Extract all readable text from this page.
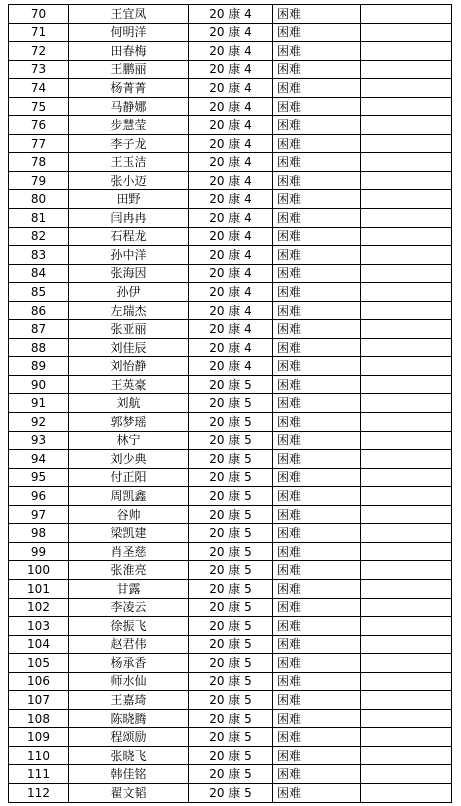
70	王宜凤	20 康 4	困难	
71	何明洋	20 康 4	困难	
72	田春梅	20 康 4	困难	
73	王鹏丽	20 康 4	困难	
74	杨菁菁	20 康 4	困难	
75	马静娜	20 康 4	困难	
76	步慧莹	20 康 4	困难	
77	李子龙	20 康 4	困难	
78	王玉洁	20 康 4	困难	
79	张小迈	20 康 4	困难	
80	田野	20 康 4	困难	
81	闫冉冉	20 康 4	困难	
82	石程龙	20 康 4	困难	
83	孙中洋	20 康 4	困难	
84	张海因	20 康 4	困难	
85	孙伊	20 康 4	困难	
86	左瑞杰	20 康 4	困难	
87	张亚丽	20 康 4	困难	
88	刘佳辰	20 康 4	困难	
89	刘怡静	20 康 4	困难	
90	王英豪	20 康 5	困难	
91	刘航	20 康 5	困难	
92	郭梦瑶	20 康 5	困难	
93	林宁	20 康 5	困难	
94	刘少典	20 康 5	困难	
95	付正阳	20 康 5	困难	
96	周凯鑫	20 康 5	困难	
97	谷帅	20 康 5	困难	
98	梁凯建	20 康 5	困难	
99	肖圣慈	20 康 5	困难	
100	张淮亮	20 康 5	困难	
101	甘露	20 康 5	困难	
102	李凌云	20 康 5	困难	
103	徐振飞	20 康 5	困难	
104	赵君伟	20 康 5	困难	
105	杨承香	20 康 5	困难	
106	师水仙	20 康 5	困难	
107	王嘉琦	20 康 5	困难	
108	陈晓腾	20 康 5	困难	
109	程颂励	20 康 5	困难	
110	张晓飞	20 康 5	困难	
111	韩佳铭	20 康 5	困难	
112	翟文韬	20 康 5	困难	
